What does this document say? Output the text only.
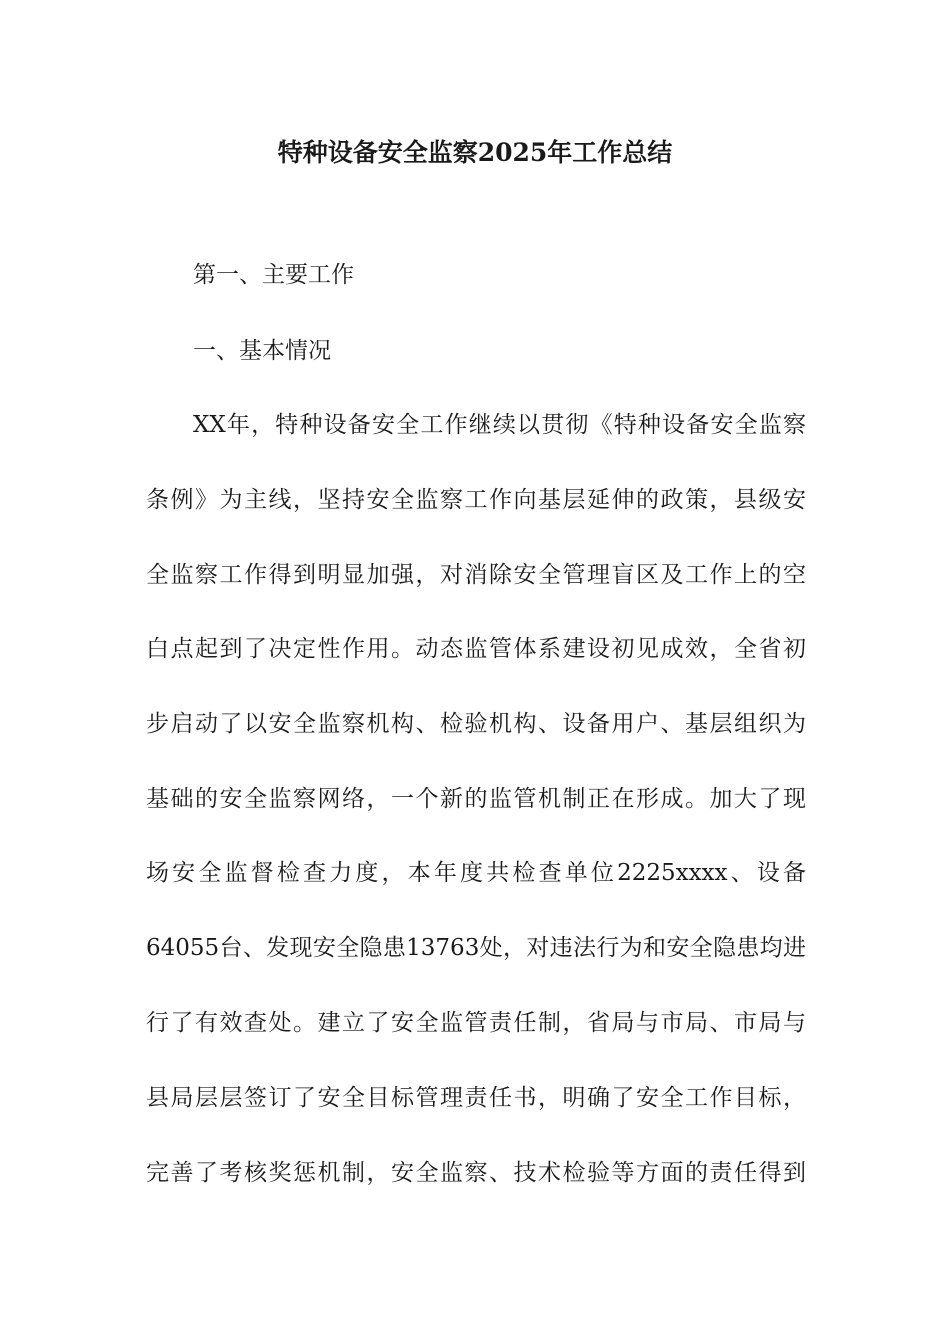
特种设备安全监察2025年工作总结
第一、主要工作
一、基本情况
XX年，特种设备安全工作继续以贯彻《特种设备安全监察
条例》为主线，坚持安全监察工作向基层延伸的政策，县级安
全监察工作得到明显加强，对消除安全管理盲区及工作上的空
白点起到了决定性作用。动态监管体系建设初见成效，全省初
步启动了以安全监察机构、检验机构、设备用户、基层组织为
基础的安全监察网络，一个新的监管机制正在形成。加大了现
场安全监督检查力度，本年度共检查单位2225xxxx、设备
64055台、发现安全隐患13763处，对违法行为和安全隐患均进
行了有效查处。建立了安全监管责任制，省局与市局、市局与
县局层层签订了安全目标管理责任书，明确了安全工作目标，
完善了考核奖惩机制，安全监察、技术检验等方面的责任得到
